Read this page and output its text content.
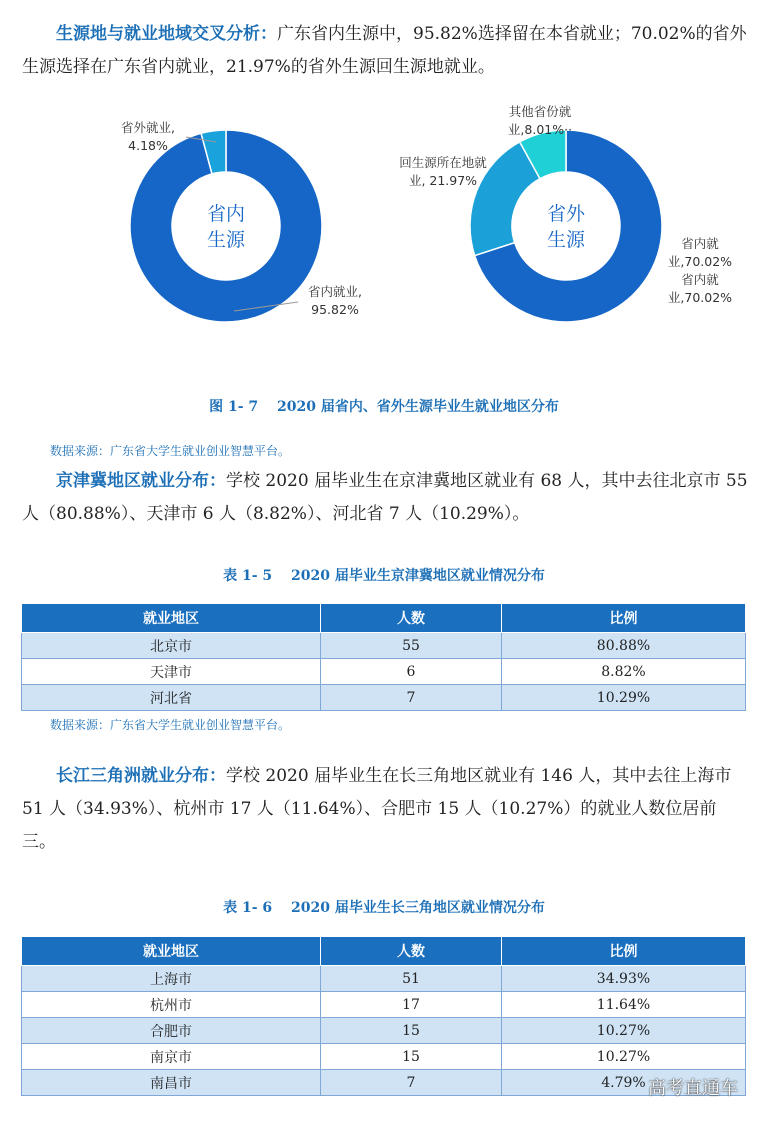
生源地与就业地域交叉分析：广东省内生源中，95.82%选择留在本省就业；70.02%的省外生源选择在广东省内就业，21.97%的省外生源回生源地就业。

省内
生源
省内就业,
95.82%
省外就业,
4.18%
省外
生源	省内就
业,70.02%
省内就
业,70.02%
回生源所在地就
业, 21.97%
其他省份就
业,8.01%··

图 1- 7　 2020 届省内、省外生源毕业生就业地区分布

数据来源：广东省大学生就业创业智慧平台。

京津冀地区就业分布：学校 2020 届毕业生在京津冀地区就业有 68 人，其中去往北京市 55 人（80.88%）、天津市 6 人（8.82%）、河北省 7 人（10.29%）。

表 1- 5　 2020 届毕业生京津冀地区就业情况分布

就业地区	人数	比例
北京市	55	80.88%
天津市	6	8.82%
河北省	7	10.29%

数据来源：广东省大学生就业创业智慧平台。

长江三角洲就业分布：学校 2020 届毕业生在长三角地区就业有 146 人，其中去往上海市 51 人（34.93%）、杭州市 17 人（11.64%）、合肥市 15 人（10.27%）的就业人数位居前三。

表 1- 6　 2020 届毕业生长三角地区就业情况分布

就业地区	人数	比例
上海市	51	34.93%
杭州市	17	11.64%
合肥市	15	10.27%
南京市	15	10.27%
南昌市	7	4.79% 高考直通车
